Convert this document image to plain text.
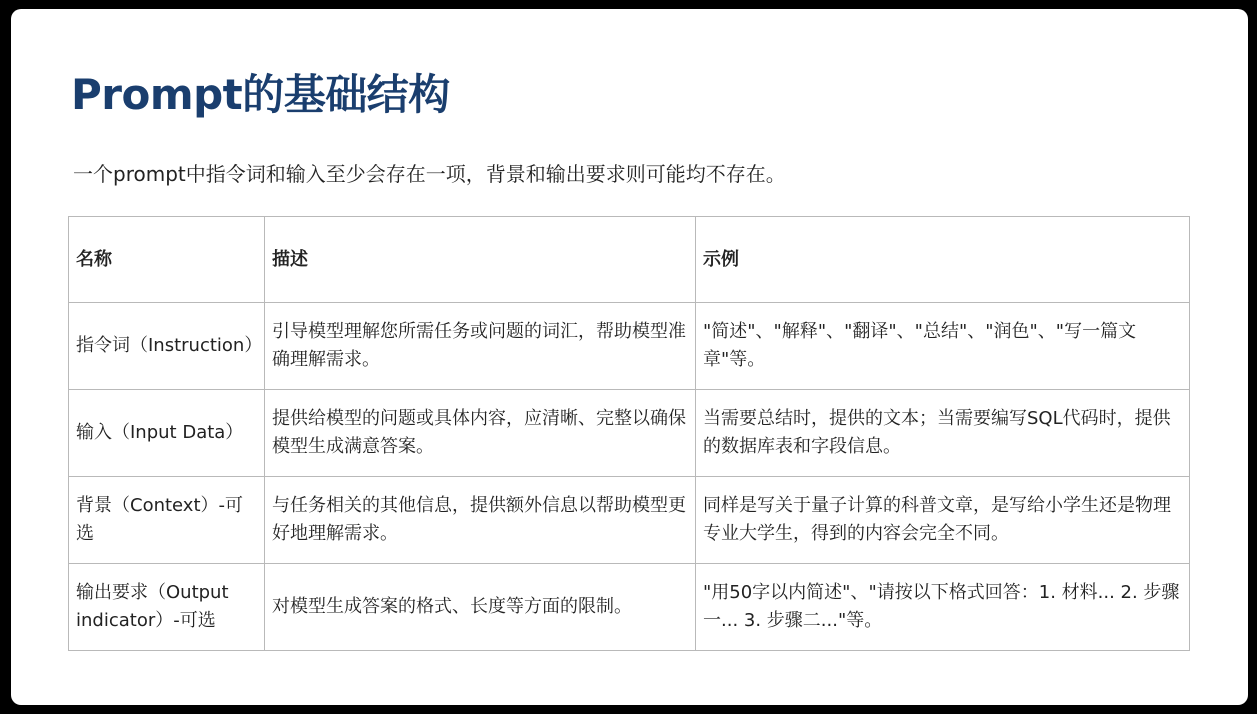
Prompt的基础结构

一个prompt中指令词和输入至少会存在一项，背景和输出要求则可能均不存在。

名称	描述	示例
指令词（Instruction）	引导模型理解您所需任务或问题的词汇，帮助模型准确理解需求。	"简述"、"解释"、"翻译"、"总结"、"润色"、"写一篇文章"等。
输入（Input Data）	提供给模型的问题或具体内容，应清晰、完整以确保模型生成满意答案。	当需要总结时，提供的文本；当需要编写SQL代码时，提供的数据库表和字段信息。
背景（Context）-可选	与任务相关的其他信息，提供额外信息以帮助模型更好地理解需求。	同样是写关于量子计算的科普文章，是写给小学生还是物理专业大学生，得到的内容会完全不同。
输出要求（Output indicator）-可选	对模型生成答案的格式、长度等方面的限制。	"用50字以内简述"、"请按以下格式回答：1. 材料... 2. 步骤一... 3. 步骤二..."等。
